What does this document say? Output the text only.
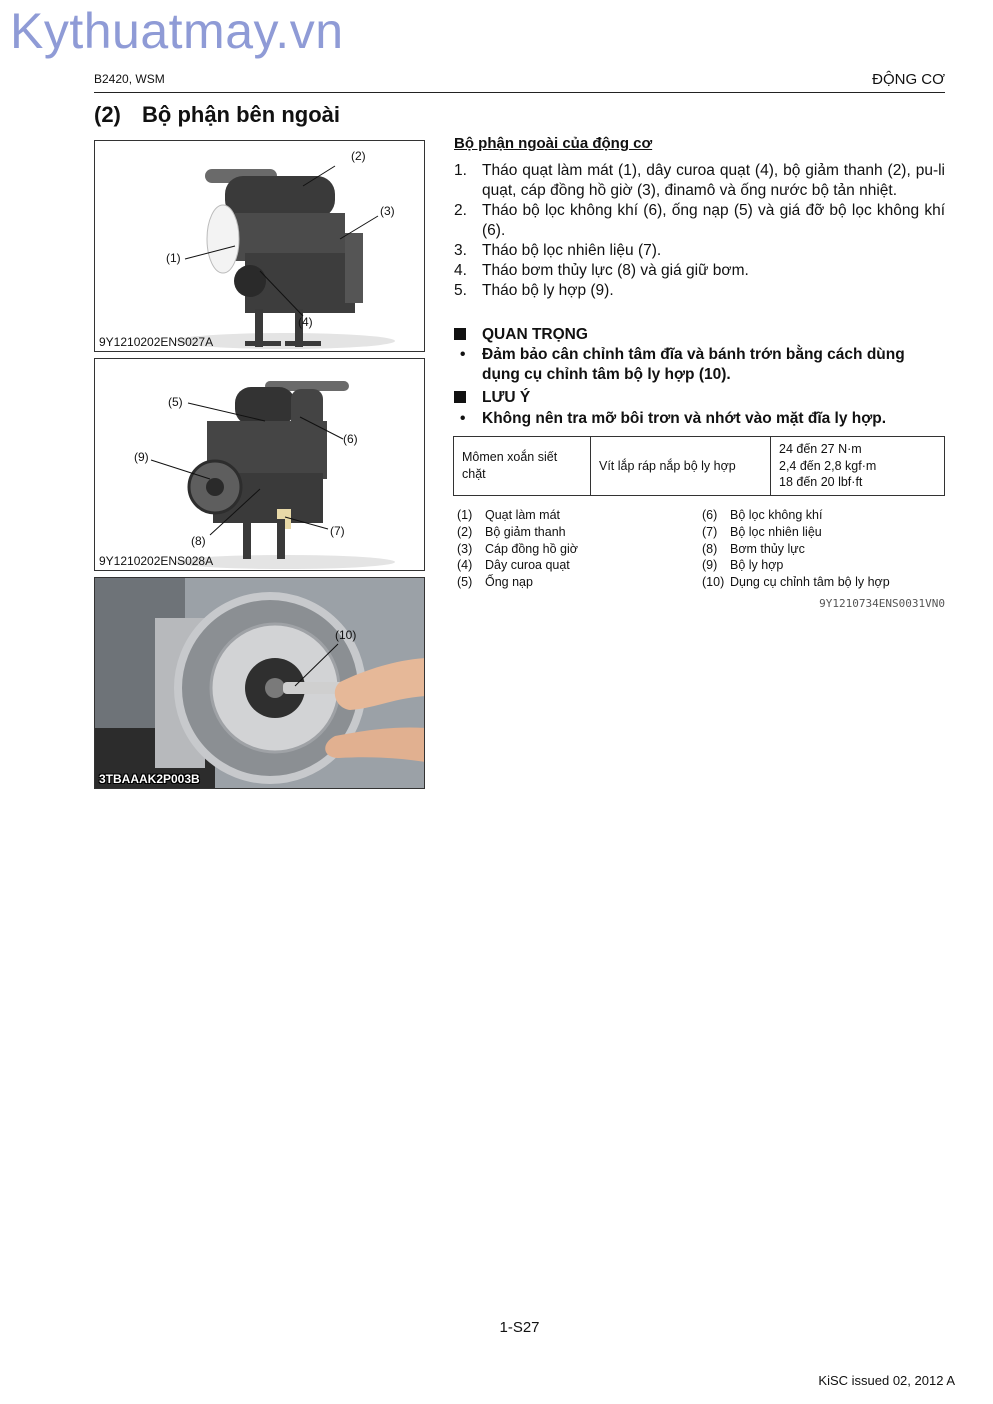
Kythuatmay.vn
B2420, WSM	ĐỘNG CƠ
(2) Bộ phận bên ngoài
(2)
(3)
(1)
(4)
9Y1210202ENS027A
(5)
(6)
(9)
(8)
(7)
9Y1210202ENS028A
(10)
3TBAAAK2P003B
Bộ phận ngoài của động cơ
1. Tháo quạt làm mát (1), dây curoa quạt (4), bộ giảm thanh (2), pu-li quạt, cáp đồng hồ giờ (3), đinamô và ống nước bộ tản nhiệt.
2. Tháo bộ lọc không khí (6), ống nạp (5) và giá đỡ bộ lọc không khí (6).
3. Tháo bộ lọc nhiên liệu (7).
4. Tháo bơm thủy lực (8) và giá giữ bơm.
5. Tháo bộ ly hợp (9).
QUAN TRỌNG
•	Đảm bảo cân chỉnh tâm đĩa và bánh trớn bằng cách dùng dụng cụ chỉnh tâm bộ ly hợp (10).
LƯU Ý
•	Không nên tra mỡ bôi trơn và nhớt vào mặt đĩa ly hợp.
Mômen xoắn siết chặt	Vít lắp ráp nắp bộ ly hợp	
24 đến 27 N·m
2,4 đến 2,8 kgf·m
18 đến 20 lbf·ft
(1) Quạt làm mát
(2) Bộ giảm thanh
(3) Cáp đồng hồ giờ
(4) Dây curoa quạt
(5) Ống nạp
(6) Bộ lọc không khí
(7) Bộ lọc nhiên liệu
(8) Bơm thủy lực
(9) Bộ ly hợp
(10) Dụng cụ chỉnh tâm bộ ly hợp
9Y1210734ENS0031VN0
1-S27
KiSC issued 02, 2012 A
